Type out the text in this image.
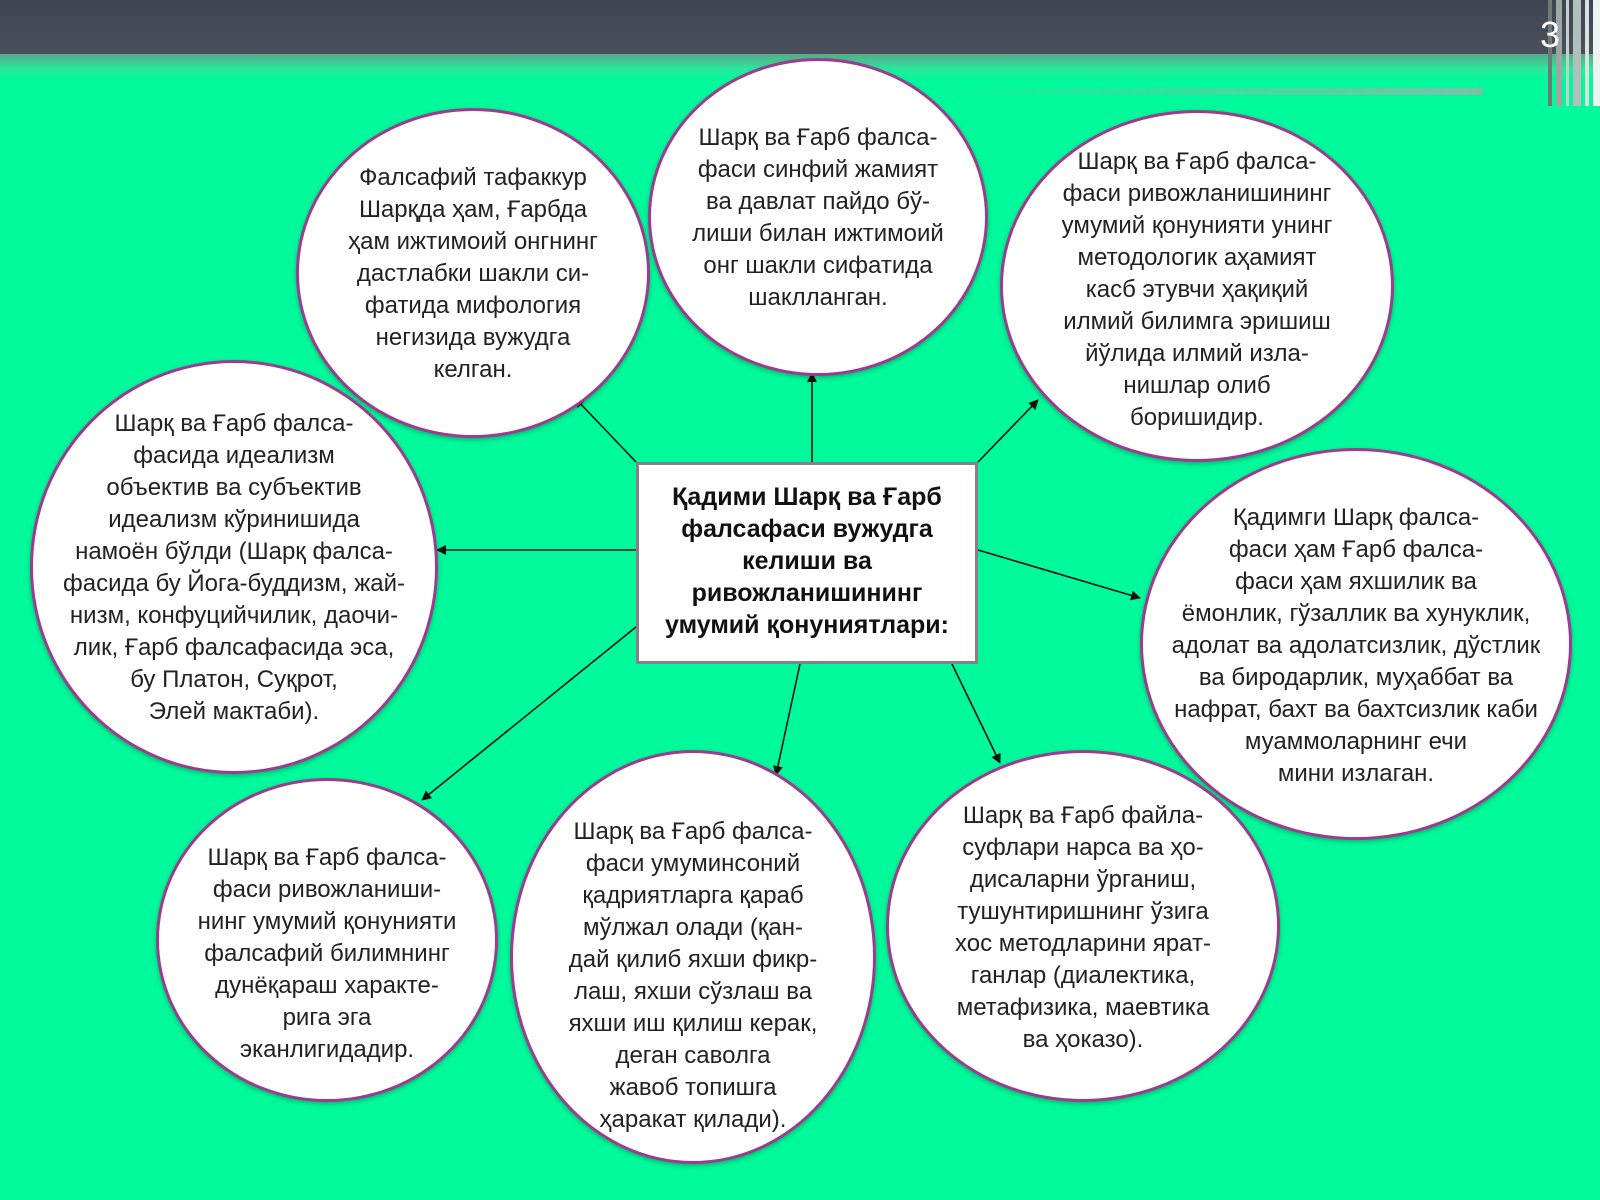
3
Фалсафий тафаккур
Шарқда ҳам, Ғарбда
ҳам ижтимоий онгнинг
дастлабки шакли си-
фатида мифология
негизида вужудга
келган.
Шарқ ва Ғарб фалса-
фаси синфий жамият
ва давлат пайдо бў-
лиши билан ижтимоий
онг шакли сифатида
шаклланган.
Шарқ ва Ғарб фалса-
фаси ривожланишининг
умумий қонунияти унинг
методологик аҳамият
касб этувчи ҳақиқий
илмий билимга эришиш
йўлида илмий изла-
нишлар олиб
боришидир.
Қадимги Шарқ фалса-
фаси ҳам Ғарб фалса-
фаси ҳам яхшилик ва
ёмонлик, гўзаллик ва хунуклик,
адолат ва адолатсизлик, дўстлик
ва биродарлик, муҳаббат ва
нафрат, бахт ва бахтсизлик каби
муаммоларнинг ечи
мини излаган.
Шарқ ва Ғарб файла-
суфлари нарса ва ҳо-
дисаларни ўрганиш,
тушунтиришнинг ўзига
хос методларини ярат-
ганлар (диалектика,
метафизика, маевтика
ва ҳоказо).
Шарқ ва Ғарб фалса-
фаси умуминсоний
қадриятларга қараб
мўлжал олади (қан-
дай қилиб яхши фикр-
лаш, яхши сўзлаш ва
яхши иш қилиш керак,
деган саволга
жавоб топишга
ҳаракат қилади).
Шарқ ва Ғарб фалса-
фаси ривожланиши-
нинг умумий қонунияти
фалсафий билимнинг
дунёқараш характе-
рига эга
эканлигидадир.
Шарқ ва Ғарб фалса-
фасида идеализм
объектив ва субъектив
идеализм кўринишида
намоён бўлди (Шарқ фалса-
фасида бу Йога-буддизм, жай-
низм, конфуцийчилик, даочи-
лик, Ғарб фалсафасида эса,
бу Платон, Суқрот,
Элей мактаби).
Қадими Шарқ ва Ғарб
фалсафаси вужудга
келиши ва
ривожланишининг
умумий қонуниятлари:
